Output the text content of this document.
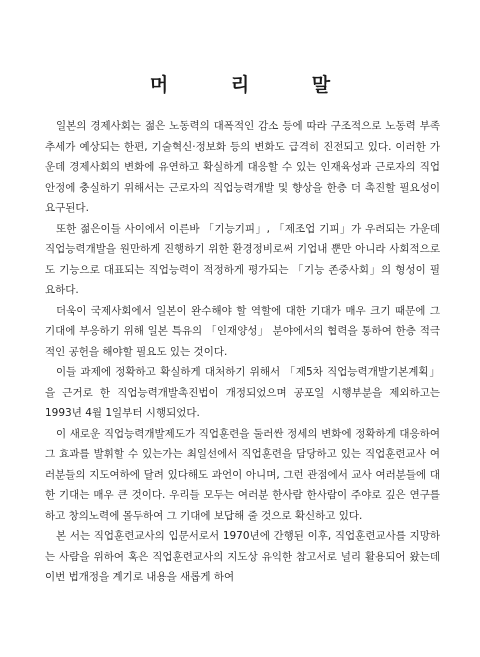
머 리 말

일본의 경제사회는 젊은 노동력의 대폭적인 감소 등에 따라 구조적으로 노동력 부족 추세가 예상되는 한편, 기술혁신·정보화 등의 변화도 급격히 진전되고 있다. 이러한 가운데 경제사회의 변화에 유연하고 확실하게 대응할 수 있는 인재육성과 근로자의 직업안정에 충실하기 위해서는 근로자의 직업능력개발 및 향상을 한층 더 촉진할 필요성이 요구된다.

또한 젊은이들 사이에서 이른바 「기능기피」, 「제조업 기피」가 우려되는 가운데 직업능력개발을 원만하게 진행하기 위한 환경정비로써 기업내 뿐만 아니라 사회적으로도 기능으로 대표되는 직업능력이 적정하게 평가되는 「기능 존중사회」의 형성이 필요하다.

더욱이 국제사회에서 일본이 완수해야 할 역할에 대한 기대가 매우 크기 때문에 그 기대에 부응하기 위해 일본 특유의 「인재양성」 분야에서의 협력을 통하여 한층 적극적인 공헌을 해야할 필요도 있는 것이다.

이들 과제에 정확하고 확실하게 대처하기 위해서 「제5차 직업능력개발기본계획」을 근거로 한 직업능력개발촉진법이 개정되었으며 공포일 시행부분을 제외하고는 1993년 4월 1일부터 시행되었다.

이 새로운 직업능력개발제도가 직업훈련을 둘러싼 정세의 변화에 정확하게 대응하여 그 효과를 발휘할 수 있는가는 최일선에서 직업훈련을 담당하고 있는 직업훈련교사 여러분들의 지도여하에 달려 있다해도 과언이 아니며, 그런 관점에서 교사 여러분들에 대한 기대는 매우 큰 것이다. 우리들 모두는 여러분 한사람 한사람이 주야로 깊은 연구를 하고 창의노력에 몰두하여 그 기대에 보답해 줄 것으로 확신하고 있다.

본 서는 직업훈련교사의 입문서로서 1970년에 간행된 이후, 직업훈련교사를 지망하는 사람을 위하여 혹은 직업훈련교사의 지도상 유익한 참고서로 널리 활용되어 왔는데 이번 법개정을 계기로 내용을 새롭게 하여
